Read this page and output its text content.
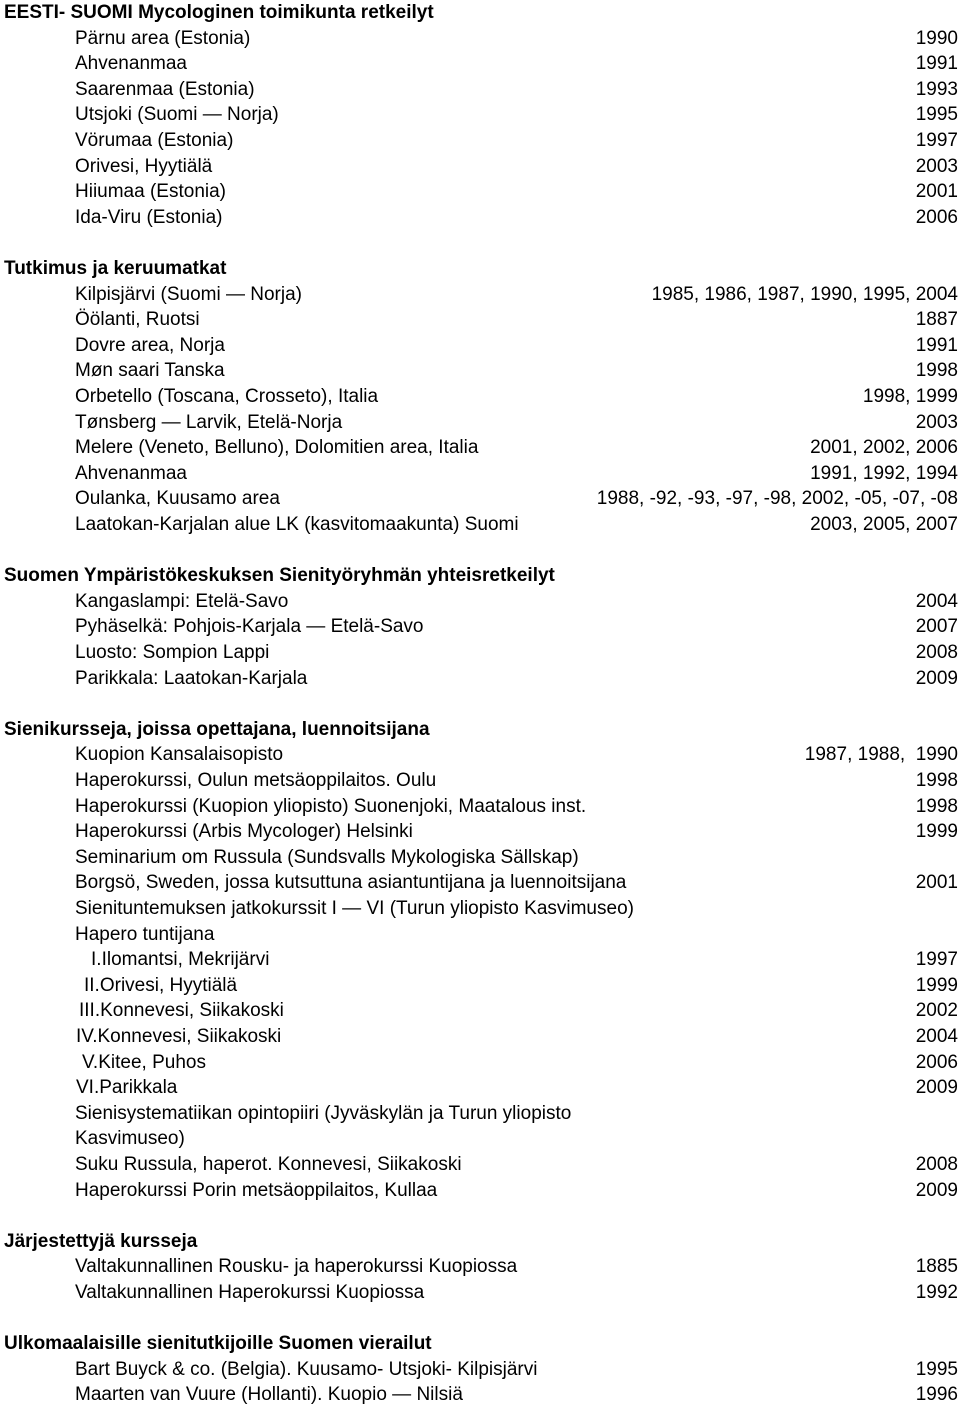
EESTI- SUOMI Mycologinen toimikunta retkeilyt
Pärnu area (Estonia)	1990
Ahvenanmaa	1991
Saarenmaa (Estonia)	1993
Utsjoki (Suomi — Norja)	1995
Vörumaa (Estonia)	1997
Orivesi, Hyytiälä	2003
Hiiumaa (Estonia)	2001
Ida-Viru (Estonia)	2006
Tutkimus ja keruumatkat
Kilpisjärvi (Suomi — Norja)	1985, 1986, 1987, 1990, 1995, 2004
Öölanti, Ruotsi	1887
Dovre area, Norja	1991
Møn saari Tanska	1998
Orbetello (Toscana, Crosseto), Italia	1998, 1999
Tønsberg — Larvik, Etelä-Norja	2003
Melere (Veneto, Belluno), Dolomitien area, Italia	2001, 2002, 2006
Ahvenanmaa	1991, 1992, 1994
Oulanka, Kuusamo area	1988, -92, -93, -97, -98, 2002, -05, -07, -08
Laatokan-Karjalan alue LK (kasvitomaakunta) Suomi	2003, 2005, 2007
Suomen Ympäristökeskuksen Sienityöryhmän yhteisretkeilyt
Kangaslampi: Etelä-Savo	2004
Pyhäselkä: Pohjois-Karjala — Etelä-Savo	2007
Luosto: Sompion Lappi	2008
Parikkala: Laatokan-Karjala	2009
Sienikursseja, joissa opettajana, luennoitsijana
Kuopion Kansalaisopisto	1987, 1988,  1990
Haperokurssi, Oulun metsäoppilaitos. Oulu	1998
Haperokurssi (Kuopion yliopisto) Suonenjoki, Maatalous inst.	1998
Haperokurssi (Arbis Mycologer) Helsinki	1999
Seminarium om Russula (Sundsvalls Mykologiska Sällskap)
Borgsö, Sweden, jossa kutsuttuna asiantuntijana ja luennoitsijana	2001
Sienituntemuksen jatkokurssit I — VI (Turun yliopisto Kasvimuseo)
Hapero tuntijana
I. Ilomantsi, Mekrijärvi	1997
II. Orivesi, Hyytiälä	1999
III. Konnevesi, Siikakoski	2002
IV. Konnevesi, Siikakoski	2004
V. Kitee, Puhos	2006
VI. Parikkala	2009
Sienisystematiikan opintopiiri (Jyväskylän ja Turun yliopisto
Kasvimuseo)
Suku Russula, haperot. Konnevesi, Siikakoski	2008
Haperokurssi Porin metsäoppilaitos, Kullaa	2009
Järjestettyjä kursseja
Valtakunnallinen Rousku- ja haperokurssi Kuopiossa	1885
Valtakunnallinen Haperokurssi Kuopiossa	1992
Ulkomaalaisille sienitutkijoille Suomen vierailut
Bart Buyck & co. (Belgia). Kuusamo- Utsjoki- Kilpisjärvi	1995
Maarten van Vuure (Hollanti). Kuopio — Nilsiä	1996
